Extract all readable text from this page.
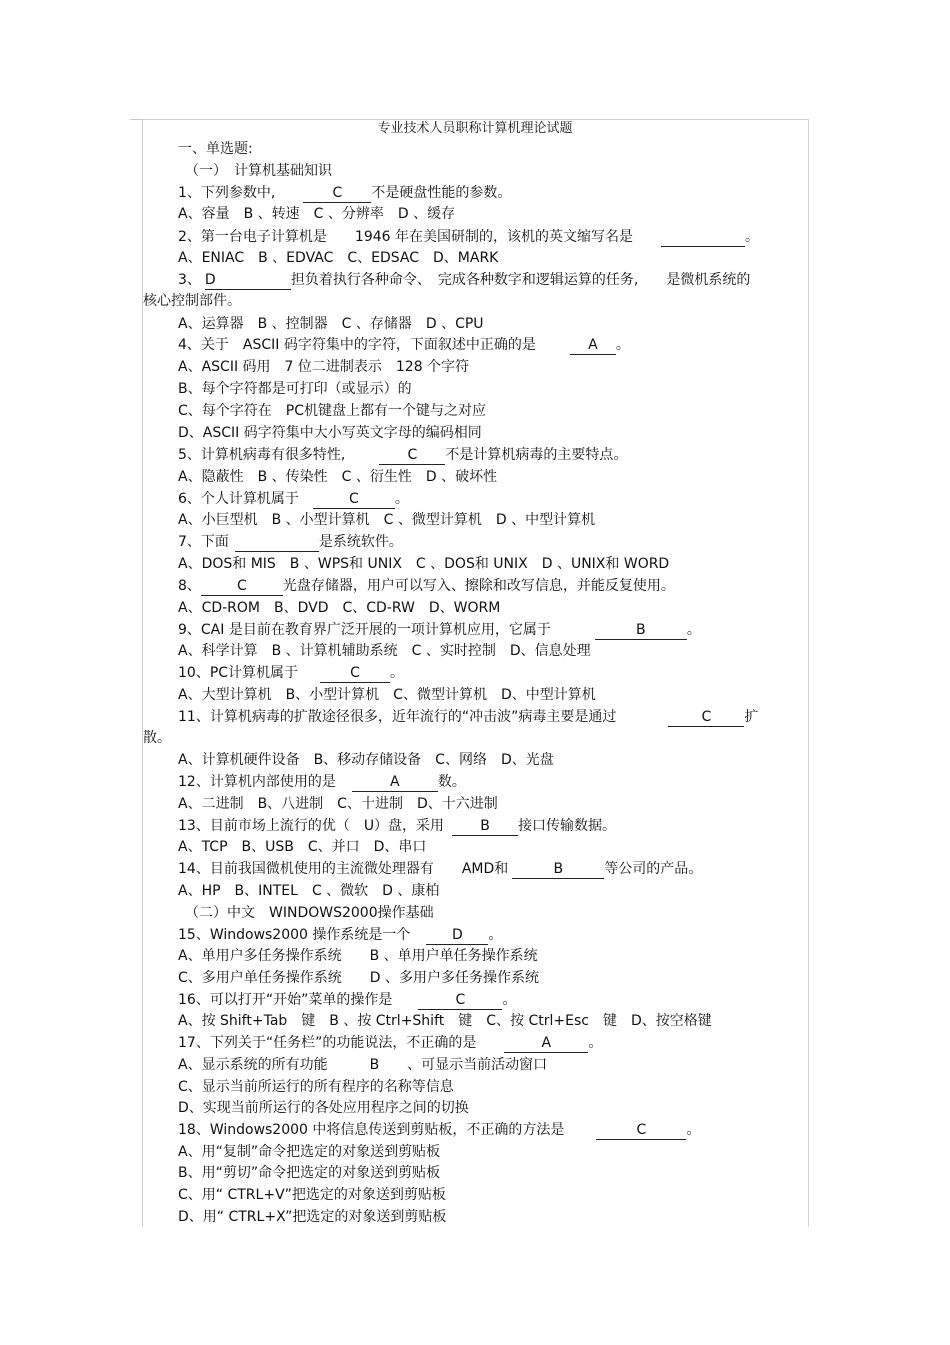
专业技术人员职称计算机理论试题
一、单选题:
（一）　计算机基础知识
1、下列参数中,	C 不是硬盘性能的参数。
A、容量　B 、转速　C 、分辨率　D 、缓存
2、第一台电子计算机是　　1946 年在美国研制的，该机的英文缩写名是	。
A、ENIAC　B 、EDVAC　C、EDSAC　D、MARK
3、 D	担负着执行各种命令、　完成各种数字和逻辑运算的任务,　　是微机系统的
核心控制部件。
A、运算器　B 、控制器　C 、存储器　D 、CPU
4、关于　ASCII 码字符集中的字符，下面叙述中正确的是	A 。
A、ASCII 码用　7 位二进制表示　128 个字符
B、每个字符都是可打印（或显示）的
C、每个字符在　PC机键盘上都有一个键与之对应
D、ASCII 码字符集中大小写英文字母的编码相同
5、计算机病毒有很多特性,	C 不是计算机病毒的主要特点。
A、隐蔽性　B 、传染性　C 、衍生性　D 、破坏性
6、个人计算机属于	C	。
A、小巨型机　B 、小型计算机　C 、微型计算机　D 、中型计算机
7、下面	是系统软件。
A、DOS和 MIS　B 、WPS和 UNIX　C 、DOS和 UNIX　D 、UNIX和 WORD
8、	C	光盘存储器，用户可以写入、擦除和改写信息，并能反复使用。
A、CD-ROM　B、DVD　C、CD-RW　D、WORM
9、CAI 是目前在教育界广泛开展的一项计算机应用，它属于	B	。
A、科学计算　B 、计算机辅助系统　C 、实时控制　D、信息处理
10、PC计算机属于	C 。
A、大型计算机　B、小型计算机　C、微型计算机　D、中型计算机
11、计算机病毒的扩散途径很多，近年流行的“冲击波”病毒主要是通过	C 扩
散。
A、计算机硬件设备　B、移动存储设备　C、网络　D、光盘
12、计算机内部使用的是	A	数。
A、二进制　B、八进制　C、十进制　D、十六进制
13、目前市场上流行的优（　U）盘，采用	B 接口传输数据。
A、TCP　B、USB　C、并口　D、串口
14、目前我国微机使用的主流微处理器有　　AMD和	B	等公司的产品。
A、HP　B、INTEL　C 、微软　D 、康柏
（二）中文　WINDOWS2000操作基础
15、Windows2000 操作系统是一个	D 。
A、单用户多任务操作系统　　B 、单用户单任务操作系统
C、多用户单任务操作系统　　D 、多用户多任务操作系统
16、可以打开“开始”菜单的操作是	C	。
A、按 Shift+Tab　键　B 、按 Ctrl+Shift　键　C、按 Ctrl+Esc　键　D、按空格键
17、下列关于“任务栏”的功能说法，不正确的是	A	。
A、显示系统的所有功能　　　B　　、可显示当前活动窗口
C、显示当前所运行的所有程序的名称等信息
D、实现当前所运行的各处应用程序之间的切换
18、Windows2000 中将信息传送到剪贴板，不正确的方法是	C	。
A、用“复制”命令把选定的对象送到剪贴板
B、用“剪切”命令把选定的对象送到剪贴板
C、用“ CTRL+V”把选定的对象送到剪贴板
D、用“ CTRL+X”把选定的对象送到剪贴板
